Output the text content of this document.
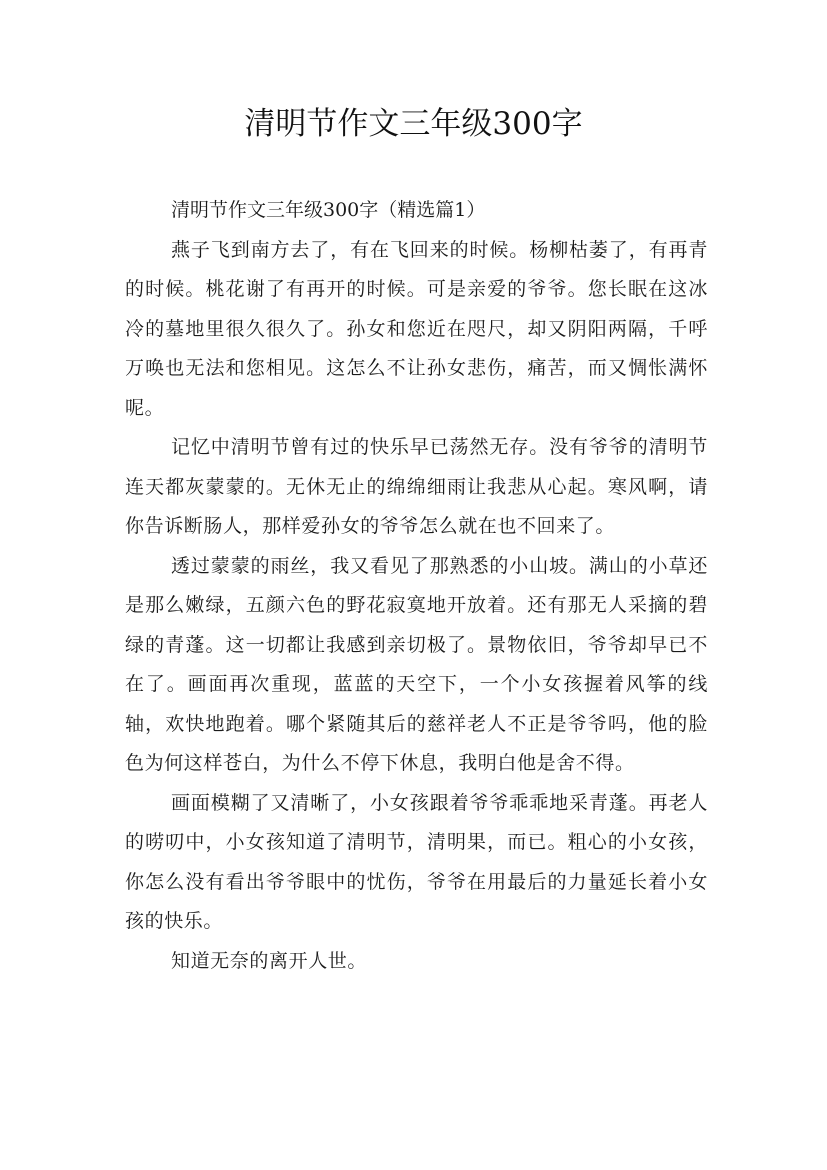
清明节作文三年级300字

清明节作文三年级300字（精选篇1）

燕子飞到南方去了，有在飞回来的时候。杨柳枯萎了，有再青的时候。桃花谢了有再开的时候。可是亲爱的爷爷。您长眠在这冰冷的墓地里很久很久了。孙女和您近在咫尺，却又阴阳两隔，千呼万唤也无法和您相见。这怎么不让孙女悲伤，痛苦，而又惆怅满怀呢。

记忆中清明节曾有过的快乐早已荡然无存。没有爷爷的清明节连天都灰蒙蒙的。无休无止的绵绵细雨让我悲从心起。寒风啊，请你告诉断肠人，那样爱孙女的爷爷怎么就在也不回来了。

透过蒙蒙的雨丝，我又看见了那熟悉的小山坡。满山的小草还是那么嫩绿，五颜六色的野花寂寞地开放着。还有那无人采摘的碧绿的青蓬。这一切都让我感到亲切极了。景物依旧，爷爷却早已不在了。画面再次重现，蓝蓝的天空下，一个小女孩握着风筝的线轴，欢快地跑着。哪个紧随其后的慈祥老人不正是爷爷吗，他的脸色为何这样苍白，为什么不停下休息，我明白他是舍不得。

画面模糊了又清晰了，小女孩跟着爷爷乖乖地采青蓬。再老人的唠叨中，小女孩知道了清明节，清明果，而已。粗心的小女孩，你怎么没有看出爷爷眼中的忧伤，爷爷在用最后的力量延长着小女孩的快乐。

知道无奈的离开人世。
